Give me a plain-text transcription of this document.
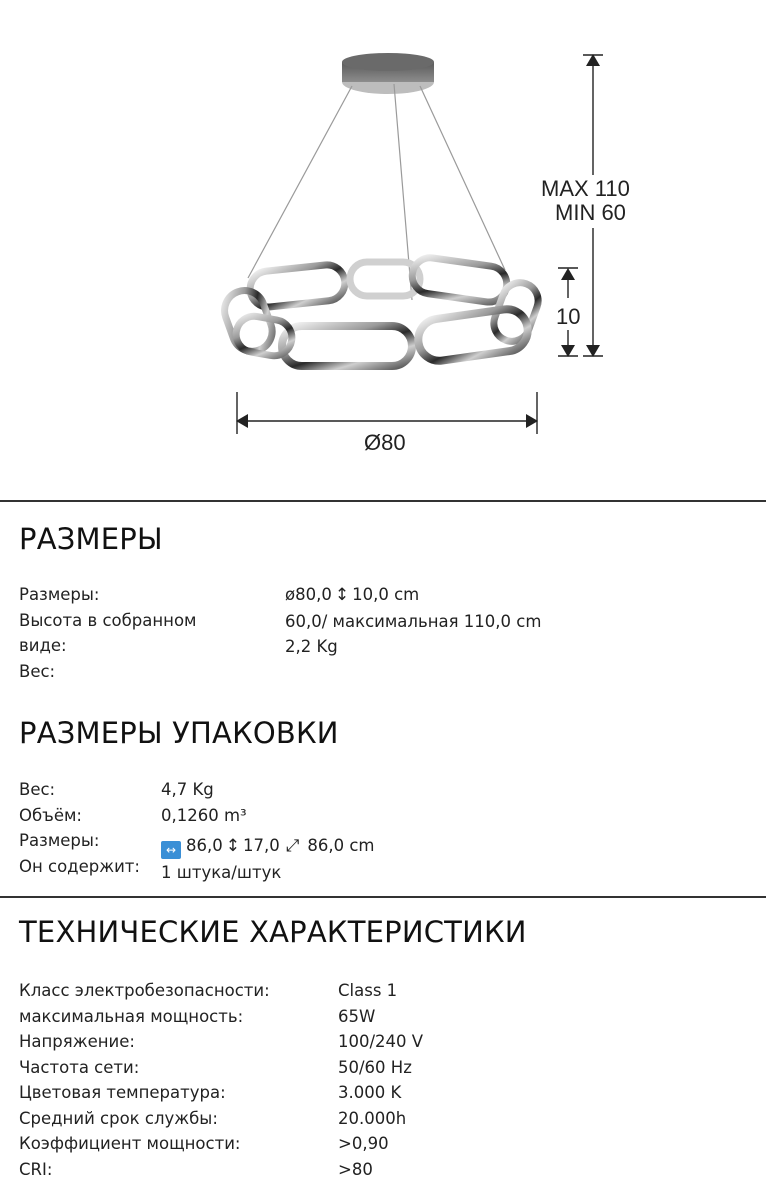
MAX 110
MIN 60
10
Ø80
РАЗМЕРЫ
Размеры:
Высота в собранном
виде:
Вес:
ø80,0 ↕ 10,0 cm
60,0/ максимальная 110,0 cm
2,2 Kg
РАЗМЕРЫ УПАКОВКИ
Вес:
Объём:
Размеры:
Он содержит:
4,7 Kg
0,1260 m³
↔ 86,0 ↕ 17,0 ⤢ 86,0 cm
1 штука/штук
ТЕХНИЧЕСКИЕ ХАРАКТЕРИСТИКИ
Класс электробезопасности:
максимальная мощность:
Напряжение:
Частота сети:
Цветовая температура:
Средний срок службы:
Коэффициент мощности:
CRI:
Class 1
65W
100/240 V
50/60 Hz
3.000 K
20.000h
>0,90
>80
